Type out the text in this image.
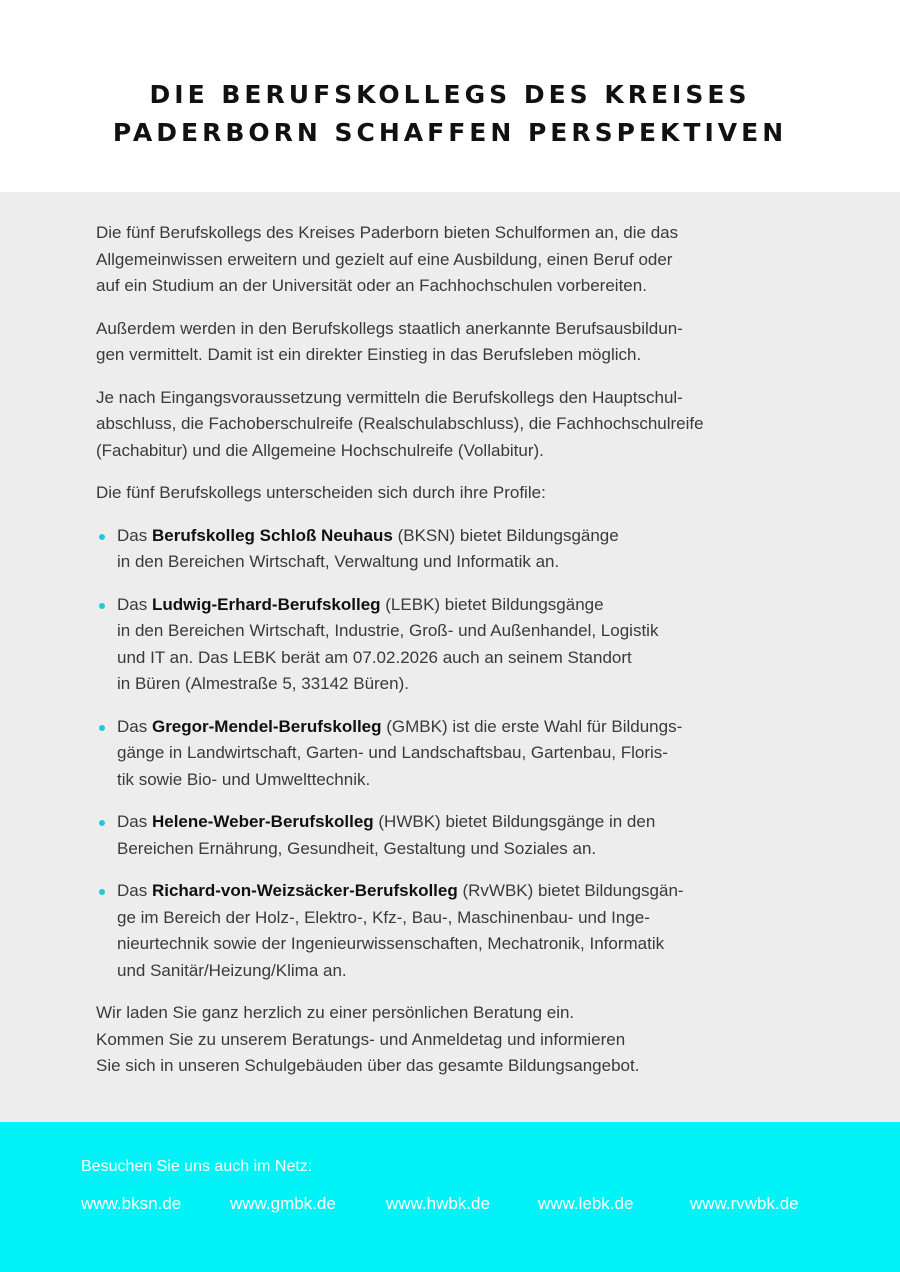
DIE BERUFSKOLLEGS DES KREISES
PADERBORN SCHAFFEN PERSPEKTIVEN

Die fünf Berufskollegs des Kreises Paderborn bieten Schulformen an, die das
Allgemeinwissen erweitern und gezielt auf eine Ausbildung, einen Beruf oder
auf ein Studium an der Universität oder an Fachhochschulen vorbereiten.

Außerdem werden in den Berufskollegs staatlich anerkannte Berufsausbildun-
gen vermittelt. Damit ist ein direkter Einstieg in das Berufsleben möglich.

Je nach Eingangsvoraussetzung vermitteln die Berufskollegs den Hauptschul-
abschluss, die Fachoberschulreife (Realschulabschluss), die Fachhochschulreife
(Fachabitur) und die Allgemeine Hochschulreife (Vollabitur).

Die fünf Berufskollegs unterscheiden sich durch ihre Profile:

Das Berufskolleg Schloß Neuhaus (BKSN) bietet Bildungsgänge
in den Bereichen Wirtschaft, Verwaltung und Informatik an.
Das Ludwig-Erhard-Berufskolleg (LEBK) bietet Bildungsgänge
in den Bereichen Wirtschaft, Industrie, Groß- und Außenhandel, Logistik
und IT an. Das LEBK berät am 07.02.2026 auch an seinem Standort
in Büren (Almestraße 5, 33142 Büren).
Das Gregor-Mendel-Berufskolleg (GMBK) ist die erste Wahl für Bildungs-
gänge in Landwirtschaft, Garten- und Landschaftsbau, Gartenbau, Floris-
tik sowie Bio- und Umwelttechnik.
Das Helene-Weber-Berufskolleg (HWBK) bietet Bildungsgänge in den
Bereichen Ernährung, Gesundheit, Gestaltung und Soziales an.
Das Richard-von-Weizsäcker-Berufskolleg (RvWBK) bietet Bildungsgän-
ge im Bereich der Holz-, Elektro-, Kfz-, Bau-, Maschinenbau- und Inge-
nieurtechnik sowie der Ingenieurwissenschaften, Mechatronik, Informatik
und Sanitär/Heizung/Klima an.

Wir laden Sie ganz herzlich zu einer persönlichen Beratung ein.
Kommen Sie zu unserem Beratungs- und Anmeldetag und informieren
Sie sich in unseren Schulgebäuden über das gesamte Bildungsangebot.

Besuchen Sie uns auch im Netz:
www.bksn.de	www.gmbk.de	www.hwbk.de	www.lebk.de	www.rvwbk.de
